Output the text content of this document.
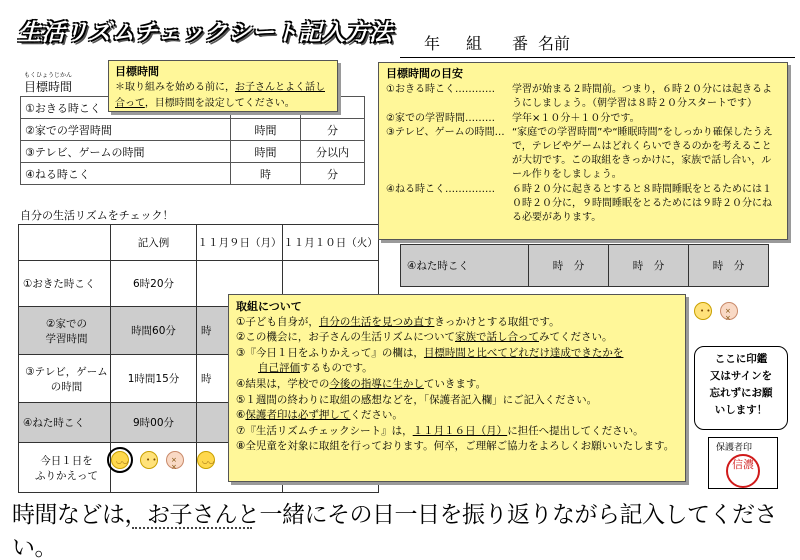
生活リズムチェックシート記入方法 年 組 番 名前
もくひょうじかん
目標時間
①おきる時こく		
②家での学習時間	時間	分
③テレビ、ゲームの時間	時間	分以内
④ねる時こく	時	分
目標時間
＊取り組みを始める前に，お子さんとよく話し
合って，目標時間を設定してください。
自分の生活リズムをチェック！
	記入例	１１月９日（月）	１１月１０日（火）
①おきた時こく	6時20分		
②家での
学習時間	時間60分	時	
③テレビ，ゲーム
の時間	1時間15分	時	
④ねた時こく	9時00分		
今日１日を
ふりかえって			
◡◡	• • × ×
◡◡
④ねた時こく	時　分	時　分	時　分
• • × ×
目標時間の目安
①おきる時こく…………	学習が始まる２時間前。つまり，６時２０分には起きるようにしましょう。（朝学習は８時２０分スタートです）
②家での学習時間………	学年×１０分＋１０分です。
③テレビ、ゲームの時間… “家庭での学習時間”や“睡眠時間”をしっかり確保したうえで，テレビやゲームはどれくらいできるのかを考えることが大切です。この取組をきっかけに，家族で話し合い，ルール作りをしましょう。
④ねる時こく……………	６時２０分に起きるとすると８時間睡眠をとるためには１０時２０分に，９時間睡眠をとるためには９時２０分にねる必要があります。
取組について
①子ども自身が，自分の生活を見つめ直すきっかけとする取組です。
②この機会に，お子さんの生活リズムについて家族で話し合ってみてください。
③『今日１日をふりかえって』の欄は，目標時間と比べてどれだけ達成できたかを
自己評価するものです。
④結果は，学校での今後の指導に生かしていきます。
⑤１週間の終わりに取組の感想などを，「保護者記入欄」にご記入ください。
⑥保護者印は必ず押してください。
⑦『生活リズムチェックシート』は，１１月１６日（月）に担任へ提出してください。
⑧全児童を対象に取組を行っております。何卒，ご理解ご協力をよろしくお願いいたします。
ここに印鑑
又はサインを
忘れずにお願
いします！
保護者印
信濃
時間などは，お子さんと一緒にその日一日を振り返りながら記入してください。
